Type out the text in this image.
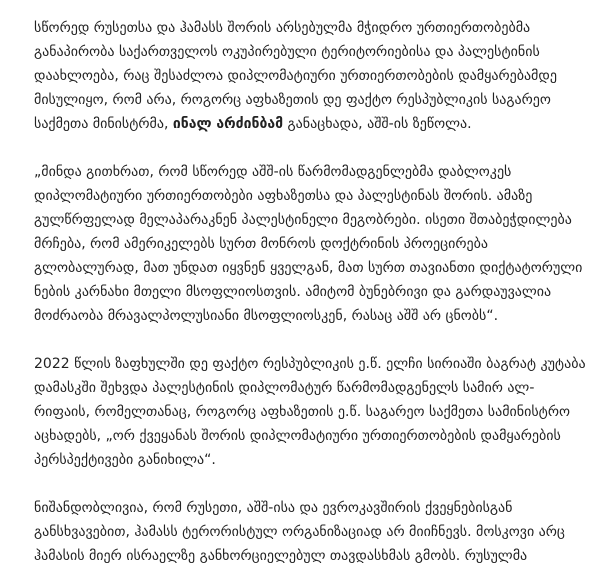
სწორედ რუსეთსა და ჰამასს შორის არსებულმა მჭიდრო ურთიერთობებმა განაპირობა საქართველოს ოკუპირებული ტერიტორიებისა და პალესტინის დაახლოება, რაც შესაძლოა დიპლომატიური ურთიერთობების დამყარებამდე მისულიყო, რომ არა, როგორც აფხაზეთის დე ფაქტო რესპუბლიკის საგარეო საქმეთა მინისტრმა, ინალ არძინბამ განაცხადა, აშშ-ის ზეწოლა.

„მინდა გითხრათ, რომ სწორედ აშშ-ის წარმომადგენლებმა დაბლოკეს დიპლომატიური ურთიერთობები აფხაზეთსა და პალესტინას შორის. ამაზე გულწრფელად მელაპარაკნენ პალესტინელი მეგობრები. ისეთი შთაბეჭდილება მრჩება, რომ ამერიკელებს სურთ მონროს დოქტრინის პროეცირება გლობალურად, მათ უნდათ იყვნენ ყველგან, მათ სურთ თავიანთი დიქტატორული ნების კარნახი მთელი მსოფლიოსთვის. ამიტომ ბუნებრივი და გარდაუვალია მოძრაობა მრავალპოლუსიანი მსოფლიოსკენ, რასაც აშშ არ ცნობს“.

2022 წლის ზაფხულში დე ფაქტო რესპუბლიკის ე.წ. ელჩი სირიაში ბაგრატ კუტაბა დამასკში შეხვდა პალესტინის დიპლომატურ წარმომადგენელს სამირ ალ-რიფაის, რომელთანაც, როგორც აფხაზეთის ე.წ. საგარეო საქმეთა სამინისტრო აცხადებს, „ორ ქვეყანას შორის დიპლომატიური ურთიერთობების დამყარების პერსპექტივები განიხილა“.

ნიშანდობლივია, რომ რუსეთი, აშშ-ისა და ევროკავშირის ქვეყნებისგან განსხვავებით, ჰამასს ტერორისტულ ორგანიზაციად არ მიიჩნევს. მოსკოვი არც ჰამასის მიერ ისრაელზე განხორციელებულ თავდასხმას გმობს. რუსულმა
